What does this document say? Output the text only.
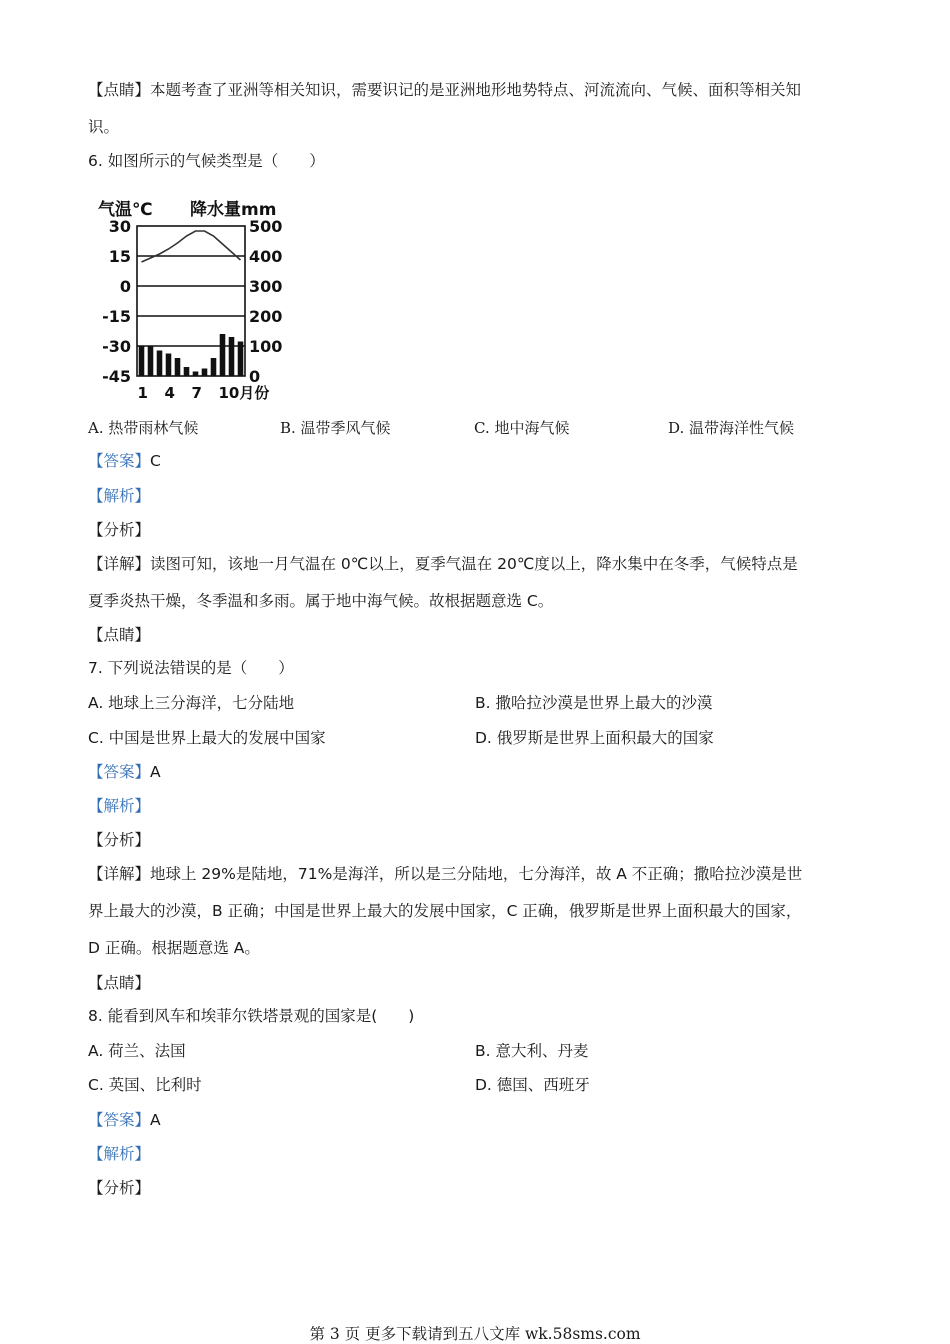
【点睛】本题考查了亚洲等相关知识，需要识记的是亚洲地形地势特点、河流流向、气候、面积等相关知
识。
6. 如图所示的气候类型是（　　）
气温℃ 降水量mm
30	500
15	400
0	300
-15	200
-30	100
-45	0
1 4 7 10月份
A. 热带雨林气候	B. 温带季风气候	C. 地中海气候	D. 温带海洋性气候
【答案】C
【解析】
【分析】
【详解】读图可知，该地一月气温在 0℃以上，夏季气温在 20℃度以上，降水集中在冬季，气候特点是
夏季炎热干燥，冬季温和多雨。属于地中海气候。故根据题意选 C。
【点睛】
7. 下列说法错误的是（　　）
A. 地球上三分海洋，七分陆地	B. 撒哈拉沙漠是世界上最大的沙漠
C. 中国是世界上最大的发展中国家	D. 俄罗斯是世界上面积最大的国家
【答案】A
【解析】
【分析】
【详解】地球上 29%是陆地，71%是海洋，所以是三分陆地，七分海洋，故 A 不正确；撒哈拉沙漠是世
界上最大的沙漠，B 正确；中国是世界上最大的发展中国家，C 正确，俄罗斯是世界上面积最大的国家，
D 正确。根据题意选 A。
【点睛】
8. 能看到风车和埃菲尔铁塔景观的国家是(　　)
A. 荷兰、法国	B. 意大利、丹麦
C. 英国、比利时	D. 德国、西班牙
【答案】A
【解析】
【分析】
第 3 页 更多下载请到五八文库 wk.58sms.com
